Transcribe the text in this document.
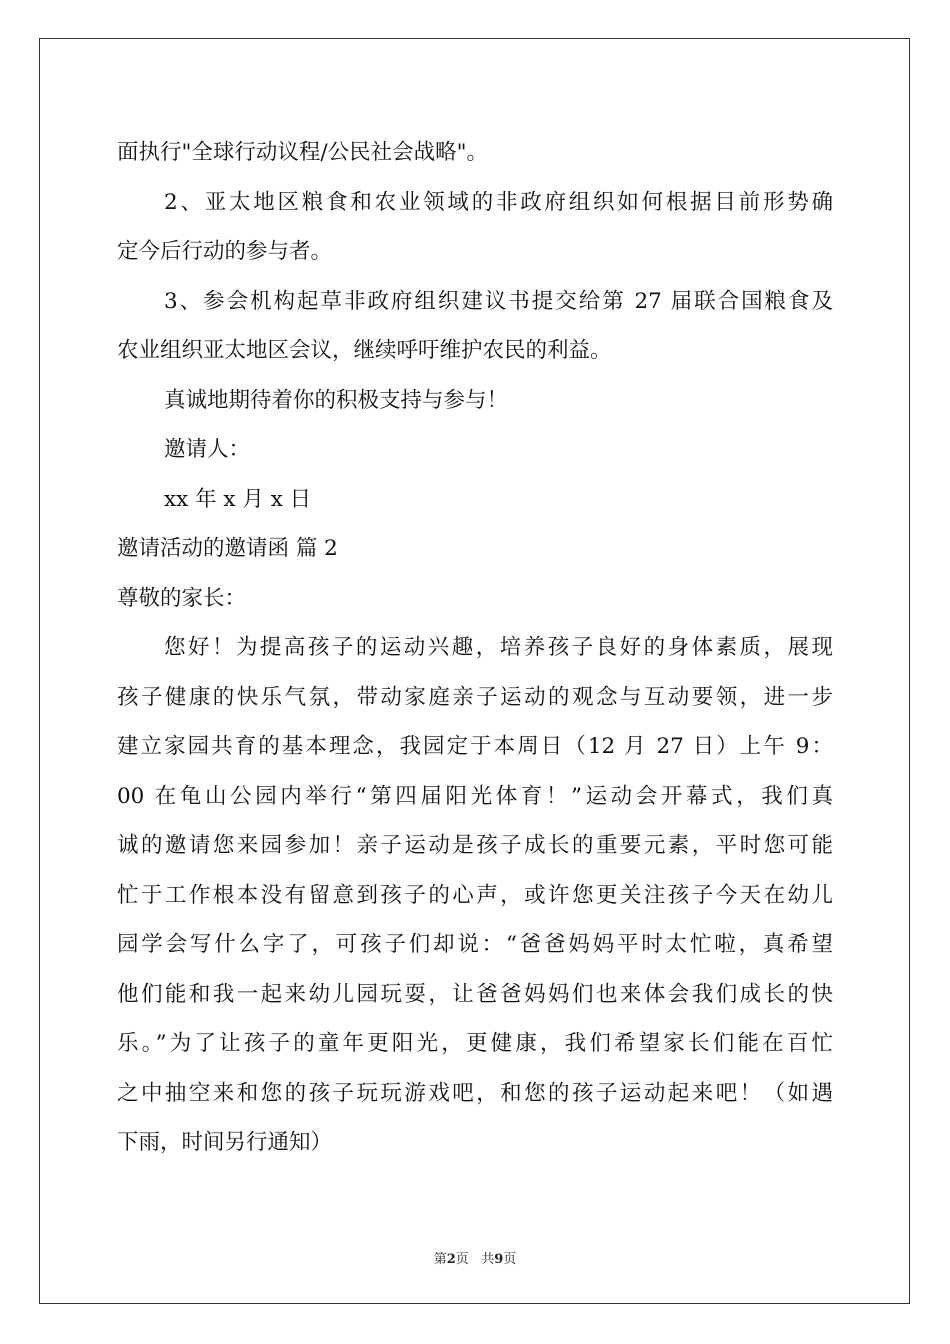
面执行"全球行动议程/公民社会战略"。
2、亚太地区粮食和农业领域的非政府组织如何根据目前形势确
定今后行动的参与者。
3、参会机构起草非政府组织建议书提交给第 27 届联合国粮食及
农业组织亚太地区会议，继续呼吁维护农民的利益。
真诚地期待着你的积极支持与参与！
邀请人：
xx 年 x 月 x 日
邀请活动的邀请函 篇 2
尊敬的家长：
您好！为提高孩子的运动兴趣，培养孩子良好的身体素质，展现
孩子健康的快乐气氛，带动家庭亲子运动的观念与互动要领，进一步
建立家园共育的基本理念，我园定于本周日（12 月 27 日）上午 9：
00 在龟山公园内举行“第四届阳光体育！”运动会开幕式，我们真
诚的邀请您来园参加！亲子运动是孩子成长的重要元素，平时您可能
忙于工作根本没有留意到孩子的心声，或许您更关注孩子今天在幼儿
园学会写什么字了，可孩子们却说：“爸爸妈妈平时太忙啦，真希望
他们能和我一起来幼儿园玩耍，让爸爸妈妈们也来体会我们成长的快
乐。”为了让孩子的童年更阳光，更健康，我们希望家长们能在百忙
之中抽空来和您的孩子玩玩游戏吧，和您的孩子运动起来吧！（如遇
下雨，时间另行通知）
第2页 共9页
